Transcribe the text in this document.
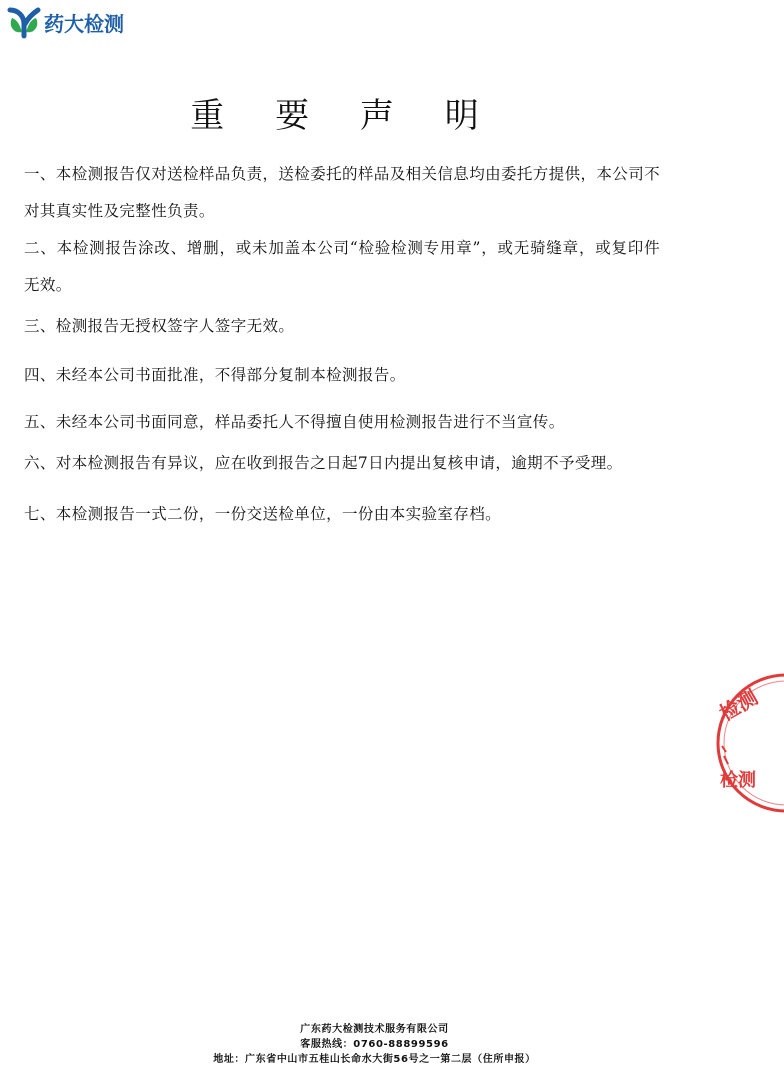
药大检测
重 要 声 明

一、本检测报告仅对送检样品负责，送检委托的样品及相关信息均由委托方提供，本公司不对其真实性及完整性负责。

二、本检测报告涂改、增删，或未加盖本公司“检验检测专用章”，或无骑缝章，或复印件无效。

三、检测报告无授权签字人签字无效。

四、未经本公司书面批准，不得部分复制本检测报告。

五、未经本公司书面同意，样品委托人不得擅自使用检测报告进行不当宣传。

六、对本检测报告有异议，应在收到报告之日起7日内提出复核申请，逾期不予受理。

七、本检测报告一式二份，一份交送检单位，一份由本实验室存档。

检测
检测
广东药大检测技术服务有限公司
客服热线：0760-88899596
地址：广东省中山市五桂山长命水大街56号之一第二层（住所申报）
